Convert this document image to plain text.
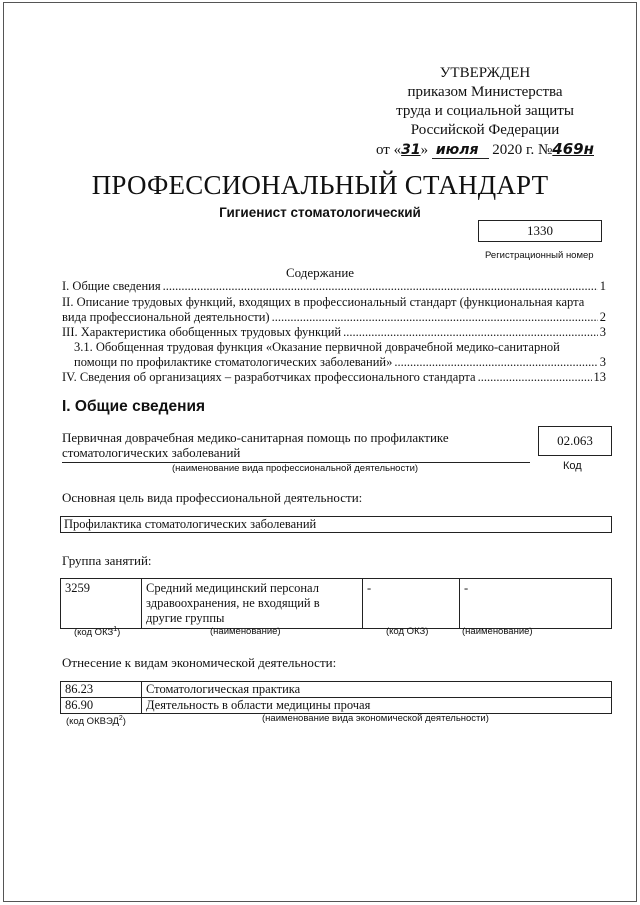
УТВЕРЖДЕН
приказом Министерства
труда и социальной защиты
Российской Федерации
от «31» июля 2020 г. №469н
ПРОФЕССИОНАЛЬНЫЙ СТАНДАРТ
Гигиенист стоматологический
1330
Регистрационный номер
Содержание
I. Общие сведения .....	1
II. Описание трудовых функций, входящих в профессиональный стандарт (функциональная карта
вида профессиональной деятельности) .....	2
III. Характеристика обобщенных трудовых функций .....	3
3.1. Обобщенная трудовая функция «Оказание первичной доврачебной медико-санитарной
помощи по профилактике стоматологических заболеваний» .....	3
IV. Сведения об организациях – разработчиках профессионального стандарта .....	13
I. Общие сведения
Первичная доврачебная медико-санитарная помощь по профилактике
стоматологических заболеваний
(наименование вида профессиональной деятельности)
02.063
Код
Основная цель вида профессиональной деятельности:
Профилактика стоматологических заболеваний
Группа занятий:
3259	Средний медицинский персонал здравоохранения, не входящий в другие группы	-	-
(код ОКЗ$^1$)	(наименование)	(код ОКЗ)	(наименование)
Отнесение к видам экономической деятельности:
86.23	Стоматологическая практика
86.90	Деятельность в области медицины прочая
(код ОКВЭД$^2$)	(наименование вида экономической деятельности)
